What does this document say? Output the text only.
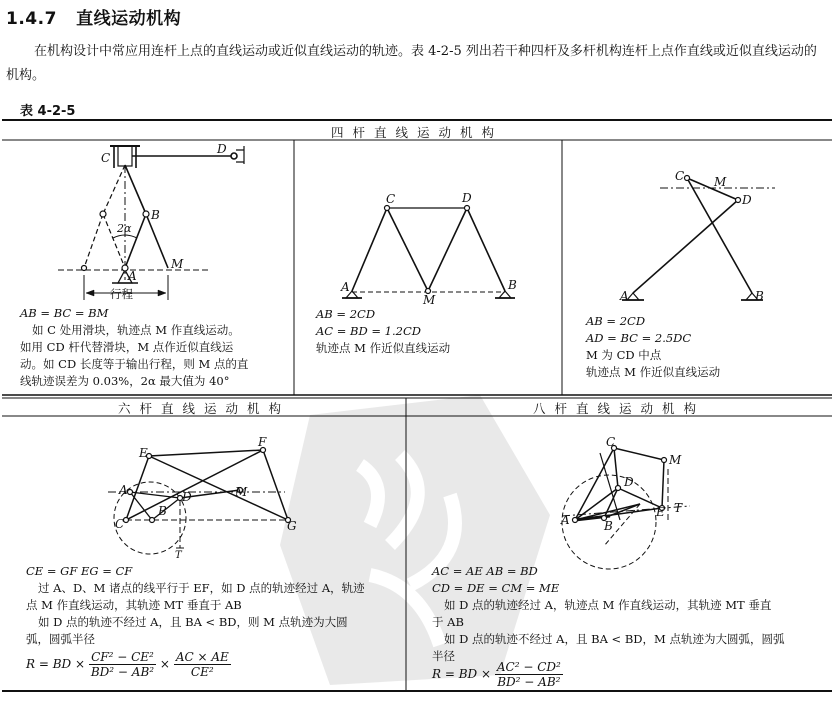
1.4.7 直线运动机构
在机构设计中常应用连杆上点的直线运动或近似直线运动的轨迹。表 4-2-5 列出若干种四杆及多杆机构连杆上点作直线或近似直线运动的机构。
表 4-2-5
四杆直线运动机构
六杆直线运动机构	八杆直线运动机构
C
D
B
A
M
2α
行程
AB = BC = BM
如 C 处用滑块，轨迹点 M 作直线运动。
如用 CD 杆代替滑块，M 点作近似直线运
动。如 CD 长度等于输出行程，则 M 点的直
线轨迹误差为 0.03%，2α 最大值为 40°
C	D
A	B
M
AB = 2CD
AC = BD = 1.2CD
轨迹点 M 作近似直线运动
C M
D
A	B
AB = 2CD
AD = BC = 2.5DC
M 为 CD 中点
轨迹点 M 作近似直线运动
E
F
A	D	M
B
C	G
T
CE = GF EG = CF
过 A、D、M 诸点的线平行于 EF，如 D 点的轨迹经过 A，轨迹
点 M 作直线运动，其轨迹 MT 垂直于 AB
如 D 点的轨迹不经过 A，且 BA < BD，则 M 点轨迹为大圆
弧，圆弧半径
R = BD × $\frac{\text{CF² − CE²}}{\text{BD² − AB²}} \times \frac{AC \times AE}{\text{CE²}}$
C
M
D
A	B
E T
AC = AE AB = BD
CD = DE = CM = ME
如 D 点的轨迹经过 A，轨迹点 M 作直线运动，其轨迹 MT 垂直
于 AB
如 D 点的轨迹不经过 A，且 BA < BD，M 点轨迹为大圆弧，圆弧
半径
R = BD × $\frac{\text{AC² − CD²}}{\text{BD² − AB²}}$
